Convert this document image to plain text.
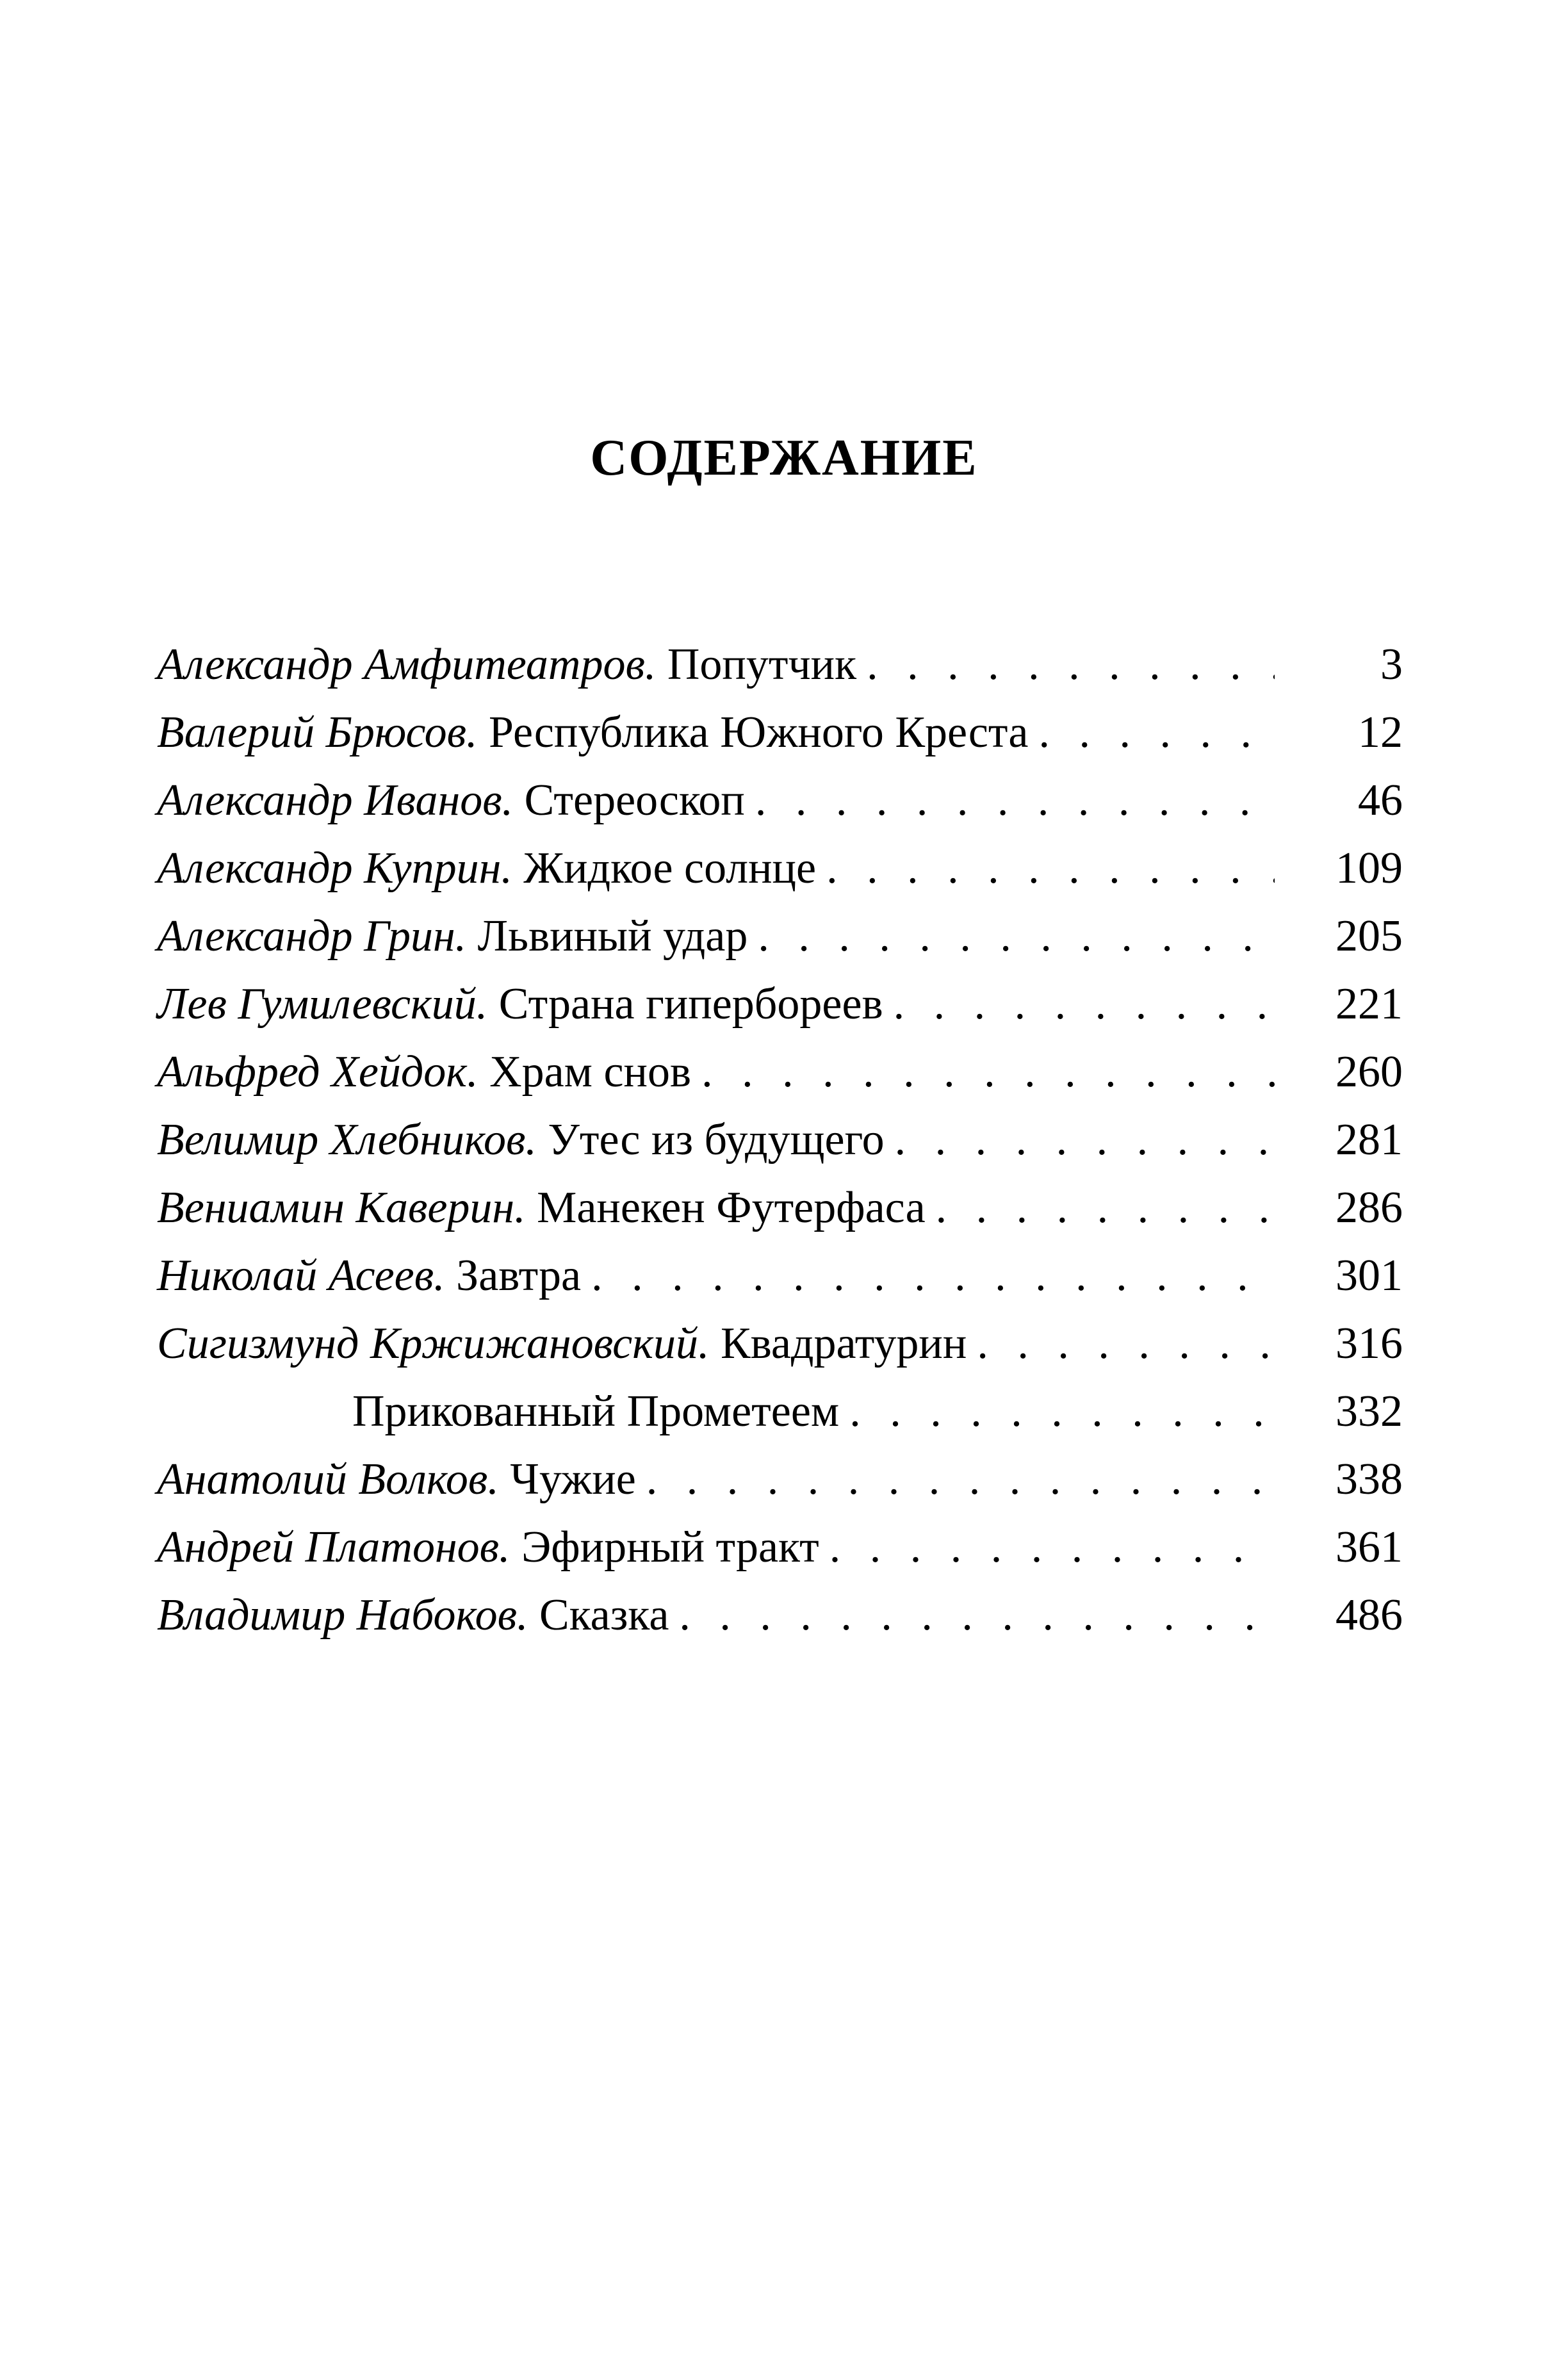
СОДЕРЖАНИЕ
Александр Амфитеатров. Попутчик . . .	3
Валерий Брюсов. Республика Южного Креста . . .	12
Александр Иванов. Стереоскоп . . .	46
Александр Куприн. Жидкое солнце . . .	109
Александр Грин. Львиный удар . . .	205
Лев Гумилевский. Страна гипербореев . . .	221
Альфред Хейдок. Храм снов . . .	260
Велимир Хлебников. Утес из будущего . . .	281
Вениамин Каверин. Манекен Футерфаса . . .	286
Николай Асеев. Завтра . . .	301
Сигизмунд Кржижановский. Квадратурин . . .	316
Прикованный Прометеем . . .	332
Анатолий Волков. Чужие . . .	338
Андрей Платонов. Эфирный тракт . . .	361
Владимир Набоков. Сказка . . .	486
